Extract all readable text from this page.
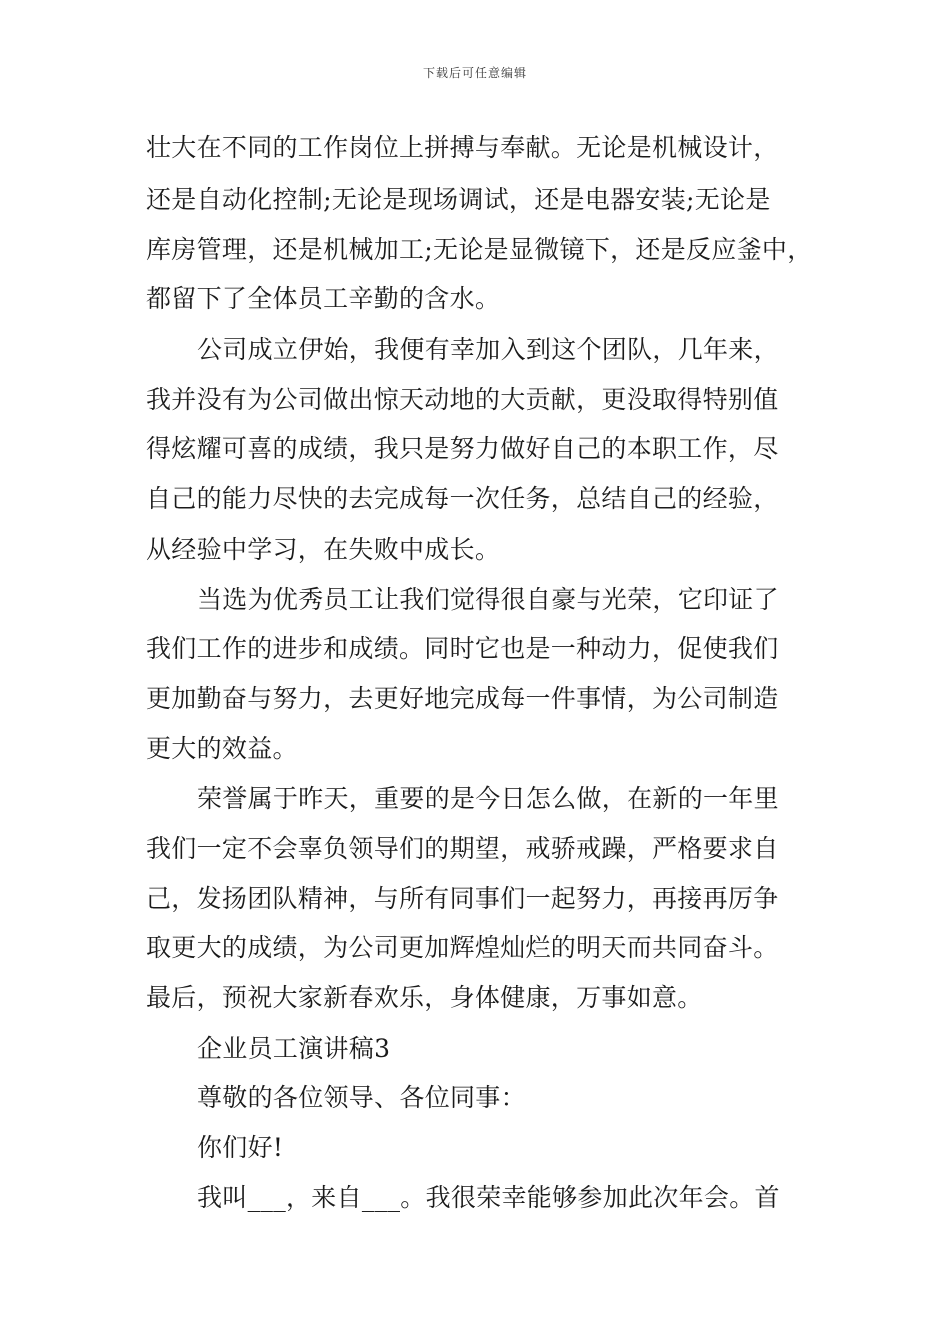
下载后可任意编辑
壮大在不同的工作岗位上拼搏与奉献。无论是机械设计，
还是自动化控制;无论是现场调试，还是电器安装;无论是
库房管理，还是机械加工;无论是显微镜下，还是反应釜中，
都留下了全体员工辛勤的含水。
公司成立伊始，我便有幸加入到这个团队，几年来，
我并没有为公司做出惊天动地的大贡献，更没取得特别值
得炫耀可喜的成绩，我只是努力做好自己的本职工作，尽
自己的能力尽快的去完成每一次任务，总结自己的经验，
从经验中学习，在失败中成长。
当选为优秀员工让我们觉得很自豪与光荣，它印证了
我们工作的进步和成绩。同时它也是一种动力，促使我们
更加勤奋与努力，去更好地完成每一件事情，为公司制造
更大的效益。
荣誉属于昨天，重要的是今日怎么做，在新的一年里
我们一定不会辜负领导们的期望，戒骄戒躁，严格要求自
己，发扬团队精神，与所有同事们一起努力，再接再厉争
取更大的成绩，为公司更加辉煌灿烂的明天而共同奋斗。
最后，预祝大家新春欢乐，身体健康，万事如意。
企业员工演讲稿3
尊敬的各位领导、各位同事：
你们好!
我叫___，来自___。我很荣幸能够参加此次年会。首
